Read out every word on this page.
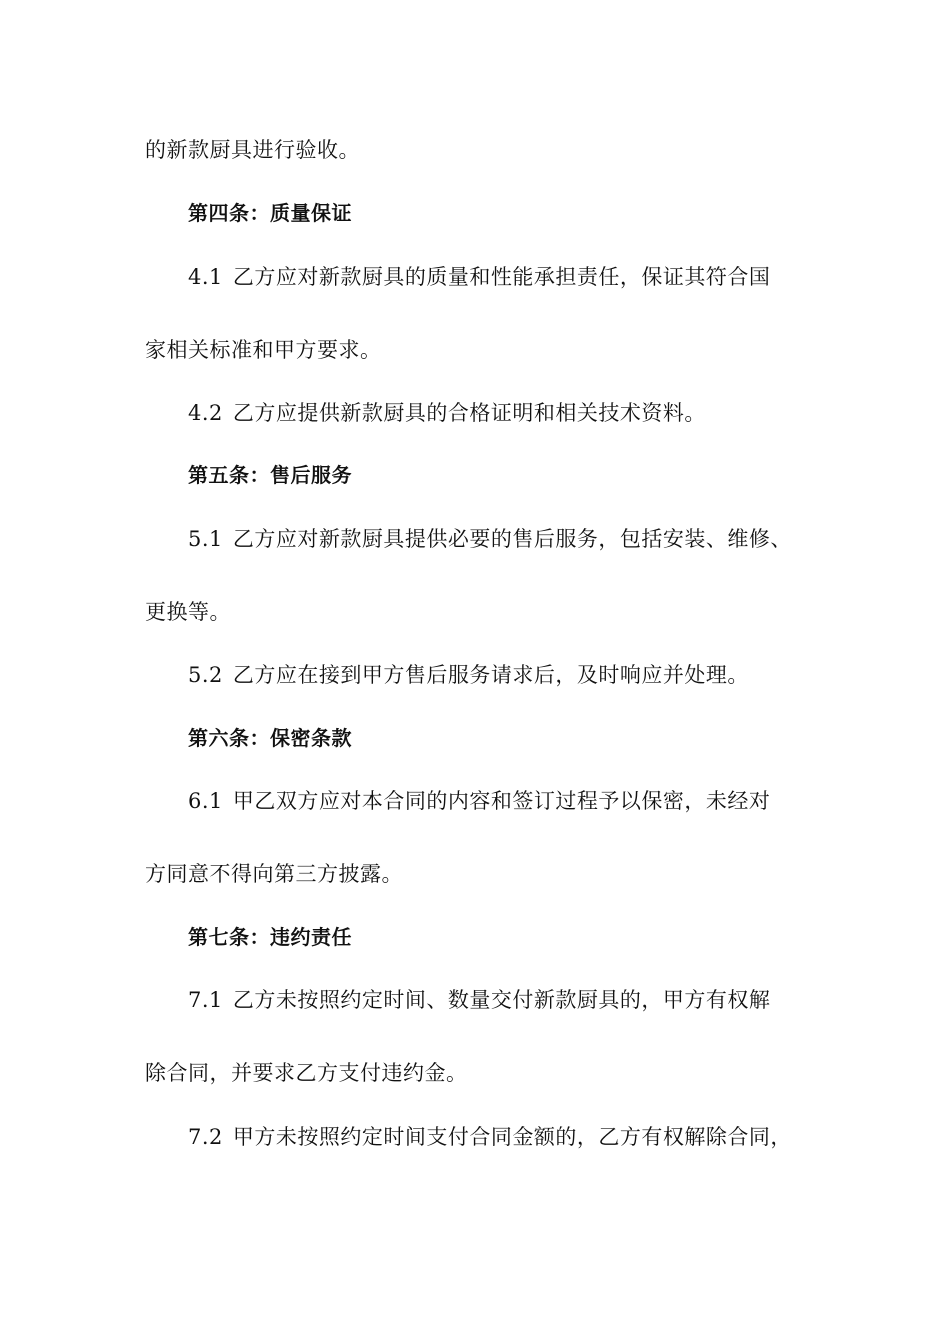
的新款厨具进行验收。
第四条：质量保证
4.1 乙方应对新款厨具的质量和性能承担责任，保证其符合国
家相关标准和甲方要求。
4.2 乙方应提供新款厨具的合格证明和相关技术资料。
第五条：售后服务
5.1 乙方应对新款厨具提供必要的售后服务，包括安装、维修、
更换等。
5.2 乙方应在接到甲方售后服务请求后，及时响应并处理。
第六条：保密条款
6.1 甲乙双方应对本合同的内容和签订过程予以保密，未经对
方同意不得向第三方披露。
第七条：违约责任
7.1 乙方未按照约定时间、数量交付新款厨具的，甲方有权解
除合同，并要求乙方支付违约金。
7.2 甲方未按照约定时间支付合同金额的，乙方有权解除合同，
